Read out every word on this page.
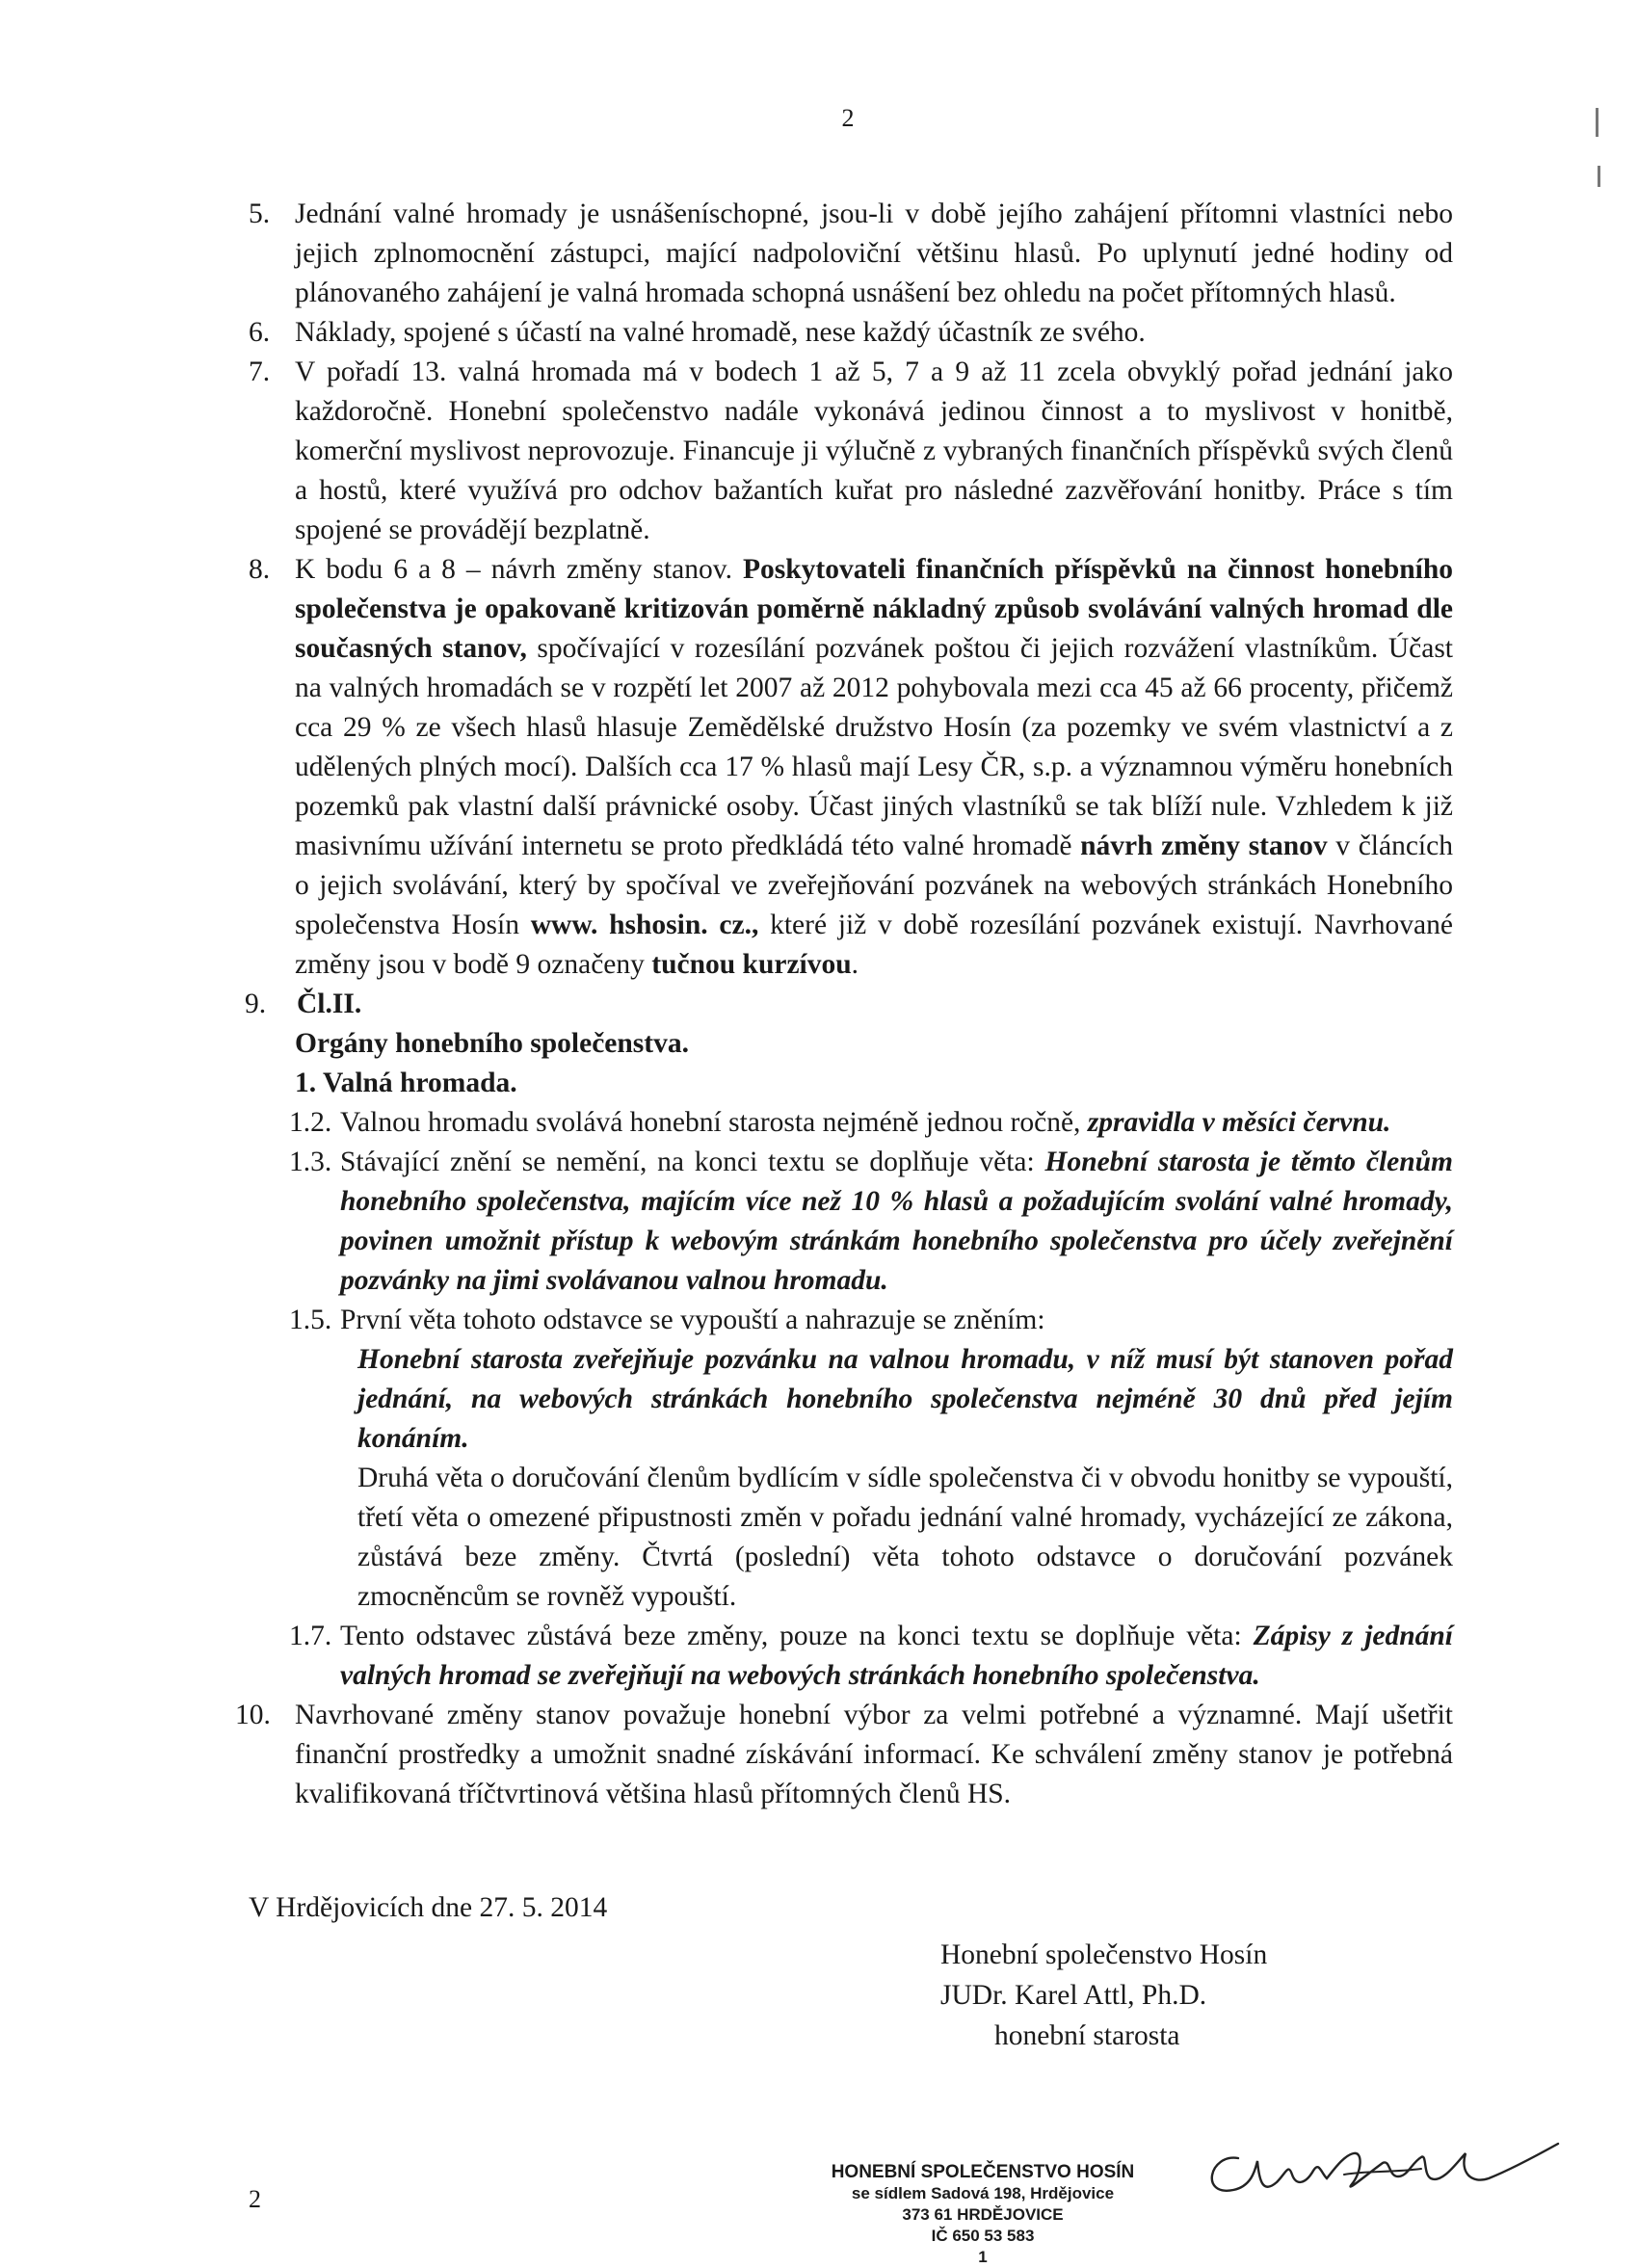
2
5. Jednání valné hromady je usnášeníschopné, jsou-li v době jejího zahájení přítomni vlastníci nebo jejich zplnomocnění zástupci, mající nadpoloviční většinu hlasů. Po uplynutí jedné hodiny od plánovaného zahájení je valná hromada schopná usnášení bez ohledu na počet přítomných hlasů.

6. Náklady, spojené s účastí na valné hromadě, nese každý účastník ze svého.

7. V pořadí 13. valná hromada má v bodech 1 až 5, 7 a 9 až 11 zcela obvyklý pořad jednání jako každoročně. Honební společenstvo nadále vykonává jedinou činnost a to myslivost v honitbě, komerční myslivost neprovozuje. Financuje ji výlučně z vybraných finančních příspěvků svých členů a hostů, které využívá pro odchov bažantích kuřat pro následné zazvěřování honitby. Práce s tím spojené se provádějí bezplatně.

8. K bodu 6 a 8 – návrh změny stanov. Poskytovateli finančních příspěvků na činnost honebního společenstva je opakovaně kritizován poměrně nákladný způsob svolávání valných hromad dle současných stanov, spočívající v rozesílání pozvánek poštou či jejich rozvážení vlastníkům. Účast na valných hromadách se v rozpětí let 2007 až 2012 pohybovala mezi cca 45 až 66 procenty, přičemž cca 29 % ze všech hlasů hlasuje Zemědělské družstvo Hosín (za pozemky ve svém vlastnictví a z udělených plných mocí). Dalších cca 17 % hlasů mají Lesy ČR, s.p. a významnou výměru honebních pozemků pak vlastní další právnické osoby. Účast jiných vlastníků se tak blíží nule. Vzhledem k již masivnímu užívání internetu se proto předkládá této valné hromadě návrh změny stanov v článcích o jejich svolávání, který by spočíval ve zveřejňování pozvánek na webových stránkách Honebního společenstva Hosín www. hshosin. cz., které již v době rozesílání pozvánek existují. Navrhované změny jsou v bodě 9 označeny tučnou kurzívou.

9. Čl.II.

Orgány honebního společenstva.
1. Valná hromada.
1.2. Valnou hromadu svolává honební starosta nejméně jednou ročně, zpravidla v měsíci červnu.

1.3. Stávající znění se nemění, na konci textu se doplňuje věta: Honební starosta je těmto členům honebního společenstva, majícím více než 10 % hlasů a požadujícím svolání valné hromady, povinen umožnit přístup k webovým stránkám honebního společenstva pro účely zveřejnění pozvánky na jimi svolávanou valnou hromadu.

1.5. První věta tohoto odstavce se vypouští a nahrazuje se zněním:

Honební starosta zveřejňuje pozvánku na valnou hromadu, v níž musí být stanoven pořad jednání, na webových stránkách honebního společenstva nejméně 30 dnů před jejím konáním.

Druhá věta o doručování členům bydlícím v sídle společenstva či v obvodu honitby se vypouští, třetí věta o omezené připustnosti změn v pořadu jednání valné hromady, vycházející ze zákona, zůstává beze změny. Čtvrtá (poslední) věta tohoto odstavce o doručování pozvánek zmocněncům se rovněž vypouští.

1.7. Tento odstavec zůstává beze změny, pouze na konci textu se doplňuje věta: Zápisy z jednání valných hromad se zveřejňují na webových stránkách honebního společenstva.

10. Navrhované změny stanov považuje honební výbor za velmi potřebné a významné. Mají ušetřit finanční prostředky a umožnit snadné získávání informací. Ke schválení změny stanov je potřebná kvalifikovaná tříčtvrtinová většina hlasů přítomných členů HS.

V Hrdějovicích dne 27. 5. 2014
Honební společenstvo Hosín
JUDr. Karel Attl, Ph.D.
honební starosta
HONEBNÍ SPOLEČENSTVO HOSÍN
se sídlem Sadová 198, Hrdějovice
373 61 HRDĚJOVICE
IČ 650 53 583
1
2
